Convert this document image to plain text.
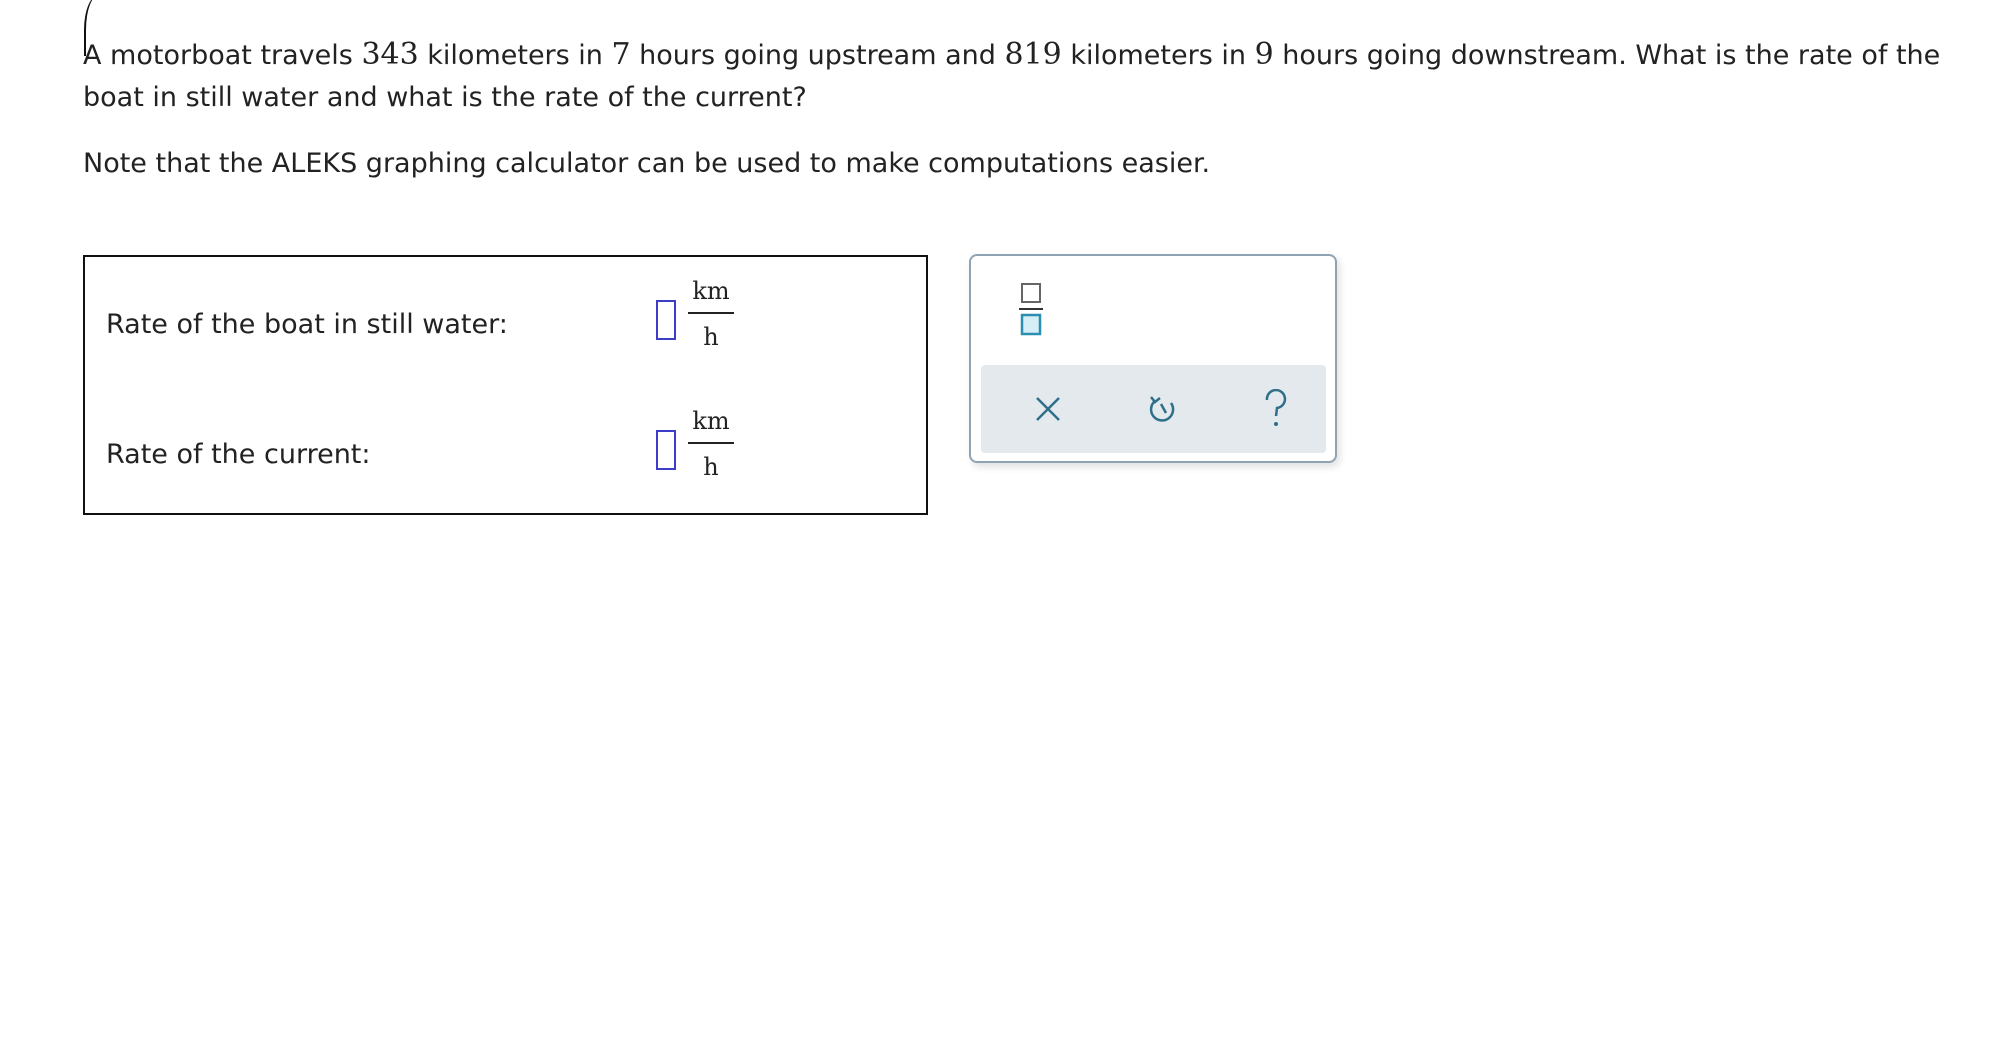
A motorboat travels 343 kilometers in 7 hours going upstream and 819 kilometers in 9 hours going downstream. What is the rate of the boat in still water and what is the rate of the current?

Note that the ALEKS graphing calculator can be used to make computations easier.

Rate of the boat in still water:
km
h
Rate of the current:
km
h
